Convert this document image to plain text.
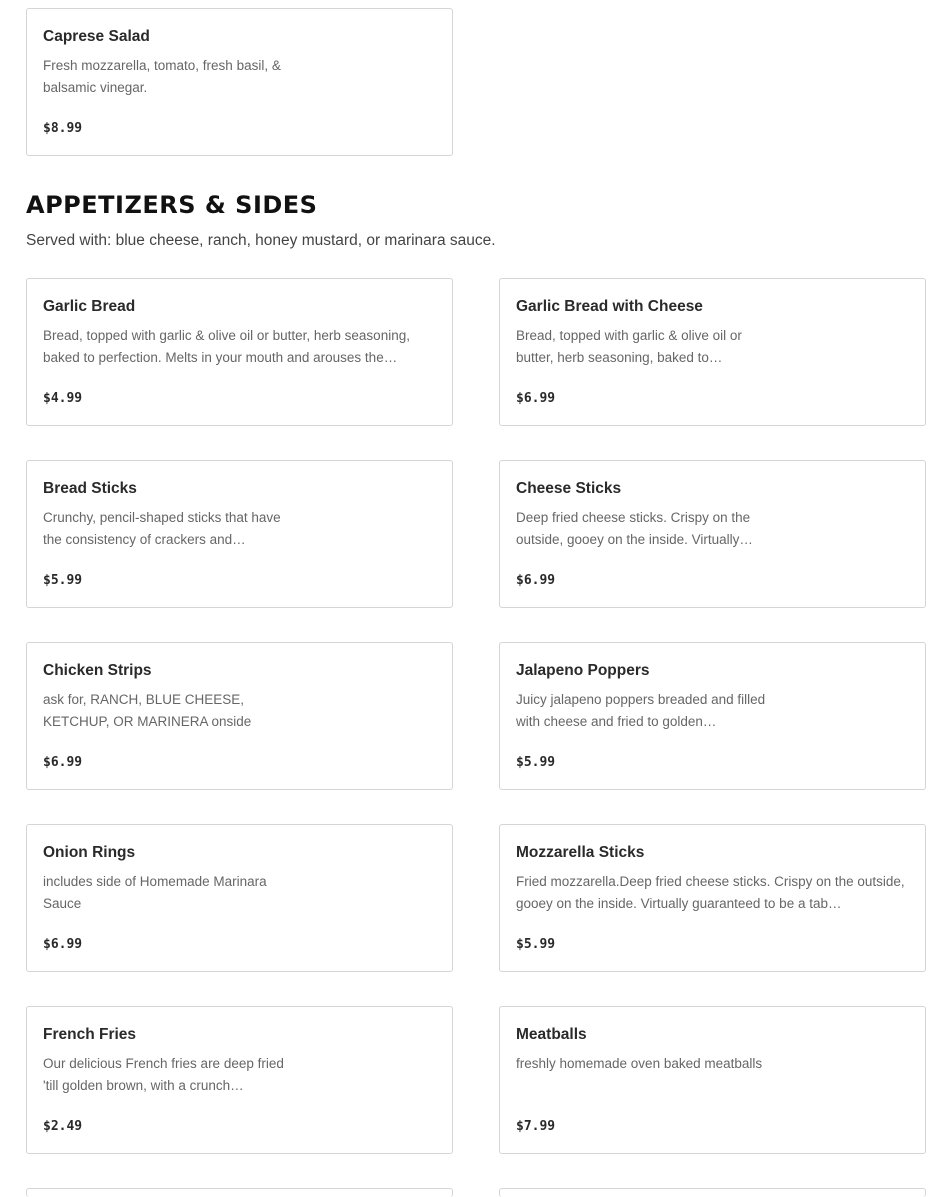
Caprese Salad
Fresh mozzarella, tomato, fresh basil, & balsamic vinegar.
$8.99
APPETIZERS & SIDES
Served with: blue cheese, ranch, honey mustard, or marinara sauce.
Garlic Bread
Bread, topped with garlic & olive oil or butter, herb seasoning, baked to perfection. Melts in your mouth and arouses the…
$4.99
Garlic Bread with Cheese
Bread, topped with garlic & olive oil or butter, herb seasoning, baked to…
$6.99
Bread Sticks
Crunchy, pencil-shaped sticks that have the consistency of crackers and…
$5.99
Cheese Sticks
Deep fried cheese sticks. Crispy on the outside, gooey on the inside. Virtually…
$6.99
Chicken Strips
ask for, RANCH, BLUE CHEESE, KETCHUP, OR MARINERA onside
$6.99
Jalapeno Poppers
Juicy jalapeno poppers breaded and filled with cheese and fried to golden…
$5.99
Onion Rings
includes side of Homemade Marinara Sauce
$6.99
Mozzarella Sticks
Fried mozzarella.Deep fried cheese sticks. Crispy on the outside, gooey on the inside. Virtually guaranteed to be a tab…
$5.99
French Fries
Our delicious French fries are deep fried 'till golden brown, with a crunch…
$2.49
Meatballs
freshly homemade oven baked meatballs
$7.99
